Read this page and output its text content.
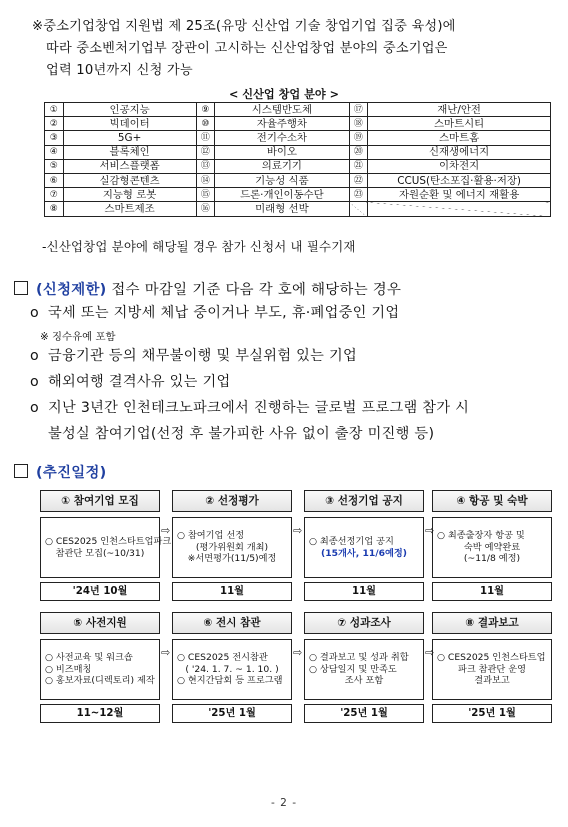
※중소기업창업 지원법 제 25조(유망 신산업 기술 창업기업 집중 육성)에
따라 중소벤처기업부 장관이 고시하는 신산업창업 분야의 중소기업은
업력 10년까지 신청 가능
< 신산업 창업 분야 >
①	인공지능	⑨	시스템반도체	⑰	재난/안전
②	빅데이터	⑩	자율주행차	⑱	스마트시티
③	5G+	⑪	전기수소차	⑲	스마트홈
④	블록체인	⑫	바이오	⑳	신재생에너지
⑤	서비스플랫폼	⑬	의료기기	㉑	이차전지
⑥	실감형콘텐츠	⑭	기능성 식품	㉒	CCUS(탄소포집·활용·저장)
⑦	지능형 로봇	⑮	드론·개인이동수단	㉓	자원순환 및 에너지 재활용
⑧	스마트제조	⑯	미래형 선박		
-신산업창업 분야에 해당될 경우 참가 신청서 내 필수기재
(신청제한) 접수 마감일 기준 다음 각 호에 해당하는 경우
o 국세 또는 지방세 체납 중이거나 부도, 휴·폐업중인 기업
※ 징수유예 포함
o 금융기관 등의 채무불이행 및 부실위험 있는 기업
o 해외여행 결격사유 있는 기업
o 지난 3년간 인천테크노파크에서 진행하는 글로벌 프로그램 참가 시
불성실 참여기업(선정 후 불가피한 사유 없이 출장 미진행 등)
(추진일정)
① 참여기업 모집
○ CES2025 인천스타트업파크
참관단 모집(~10/31)
'24년 10월
⇨
② 선정평가
○ 참여기업 선정
(평가위원회 개최)
※서면평가(11/5)예정
11월
⇨
③ 선정기업 공지
○ 최종선정기업 공지
(15개사, 11/6예정)
11월
⇨
④ 항공 및 숙박
○ 최종출장자 항공 및
숙박 예약완료
(~11/8 예정)
11월
⑤ 사전지원
○ 사전교육 및 워크숍
○ 비즈매칭
○ 홍보자료(디렉토리) 제작
11~12월
⇨
⑥ 전시 참관
○ CES2025 전시참관
( '24. 1. 7. ~ 1. 10. )
○ 현지간담회 등 프로그램
'25년 1월
⇨
⑦ 성과조사
○ 결과보고 및 성과 취합
○ 상담일지 및 만족도
조사 포함
'25년 1월
⇨
⑧ 결과보고
○ CES2025 인천스타트업
파크 참관단 운영
결과보고
'25년 1월
- 2 -
